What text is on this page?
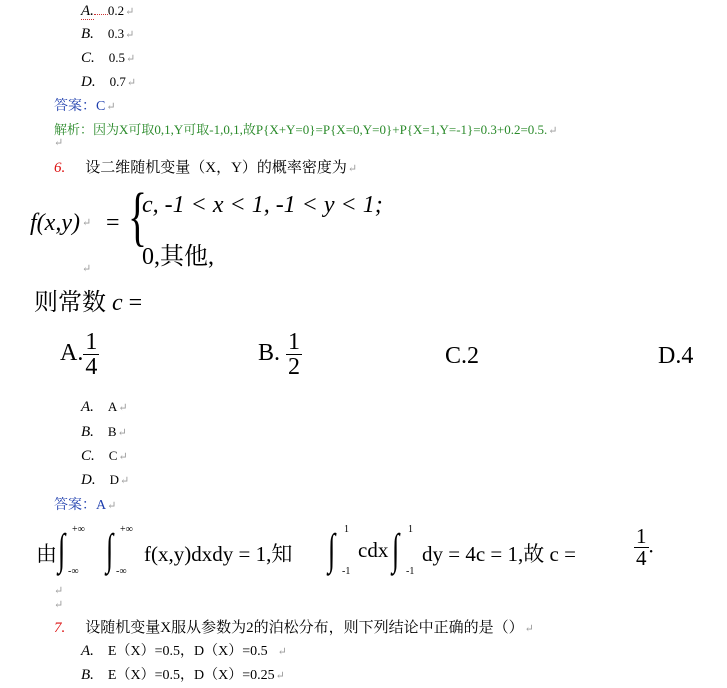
A. 0.2↵
B. 0.3↵
C. 0.5↵
D. 0.7↵
答案：C↵
解析：因为X可取0,1,Y可取-1,0,1,故P{X+Y=0}=P{X=0,Y=0}+P{X=1,Y=-1}=0.3+0.2=0.5.↵
↵
6. 设二维随机变量（X，Y）的概率密度为↵
f(x,y) = {
c, -1 < x < 1, -1 < y < 1;
0,其他,
↵
↵
则常数 c =
A. $\frac{1}{4}$	B. $\frac{1}{2}$	C.2	D.4
A. A↵
B. B↵
C. C↵
D. D↵
答案：A↵
由 ∫ +∞
-∞ ∫ +∞
-∞
f(x,y)dxdy = 1,知 ∫ 1
-1
cdx ∫ 1
-1
dy = 4c = 1,故 c =	$\frac{1}{4}$ .
↵
↵
7. 设随机变量X服从参数为2的泊松分布，则下列结论中正确的是（）↵
A. E（X）=0.5，D（X）=0.5 ↵
B. E（X）=0.5，D（X）=0.25↵
